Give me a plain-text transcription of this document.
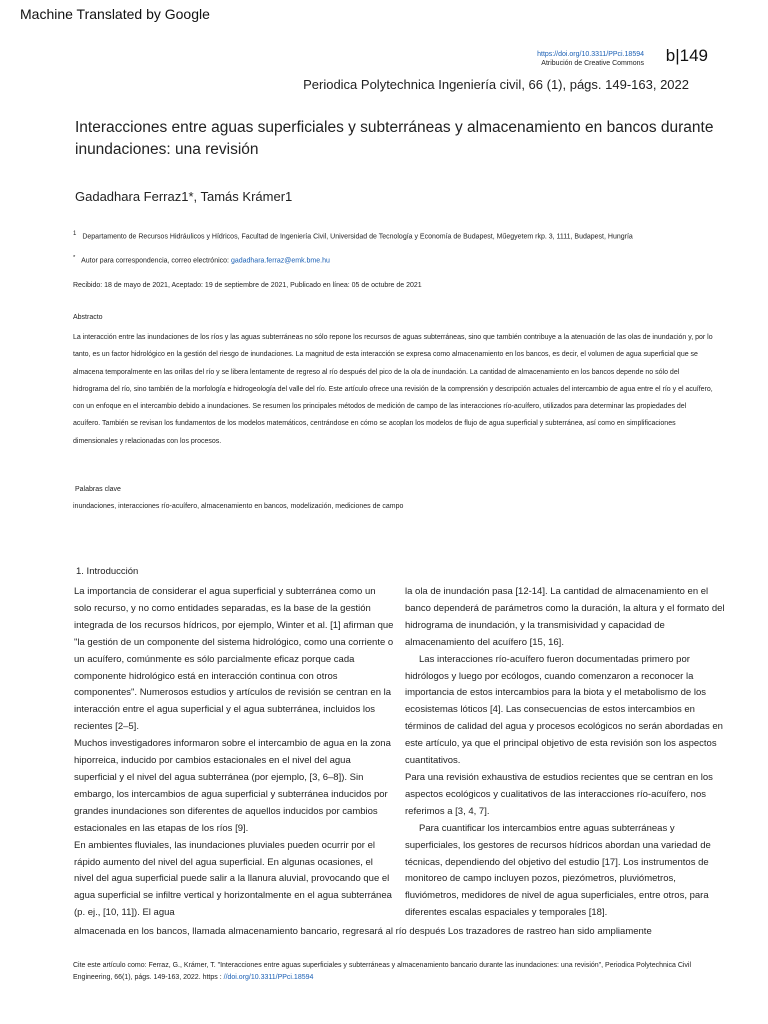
Machine Translated by Google
https://doi.org/10.3311/PPci.18594
Atribución de Creative Commons b|149
Periodica Polytechnica Ingeniería civil, 66 (1), págs. 149-163, 2022
Interacciones entre aguas superficiales y subterráneas y almacenamiento en bancos durante inundaciones: una revisión
Gadadhara Ferraz1*, Tamás Krámer1
$^1$ Departamento de Recursos Hidráulicos y Hídricos, Facultad de Ingeniería Civil, Universidad de Tecnología y Economía de Budapest, Műegyetem rkp. 3, 1111, Budapest, Hungría
* Autor para correspondencia, correo electrónico: gadadhara.ferraz@emk.bme.hu
Recibido: 18 de mayo de 2021, Aceptado: 19 de septiembre de 2021, Publicado en línea: 05 de octubre de 2021
Abstracto
La interacción entre las inundaciones de los ríos y las aguas subterráneas no sólo repone los recursos de aguas subterráneas, sino que también contribuye a la atenuación de las olas de inundación y, por lo tanto, es un factor hidrológico en la gestión del riesgo de inundaciones. La magnitud de esta interacción se expresa como almacenamiento en los bancos, es decir, el volumen de agua superficial que se almacena temporalmente en las orillas del río y se libera lentamente de regreso al río después del pico de la ola de inundación. La cantidad de almacenamiento en los bancos depende no sólo del hidrograma del río, sino también de la morfología e hidrogeología del valle del río. Este artículo ofrece una revisión de la comprensión y descripción actuales del intercambio de agua entre el río y el acuífero, con un enfoque en el intercambio debido a inundaciones. Se resumen los principales métodos de medición de campo de las interacciones río-acuífero, utilizados para determinar las propiedades del acuífero. También se revisan los fundamentos de los modelos matemáticos, centrándose en cómo se acoplan los modelos de flujo de agua superficial y subterránea, así como en simplificaciones dimensionales y relacionadas con los procesos.
Palabras clave
inundaciones, interacciones río-acuífero, almacenamiento en bancos, modelización, mediciones de campo
1. Introducción

La importancia de considerar el agua superficial y subterránea como un solo recurso, y no como entidades separadas, es la base de la gestión integrada de los recursos hídricos, por ejemplo, Winter et al. [1] afirman que "la gestión de un componente del sistema hidrológico, como una corriente o un acuífero, comúnmente es sólo parcialmente eficaz porque cada componente hidrológico está en interacción continua con otros componentes". Numerosos estudios y artículos de revisión se centran en la interacción entre el agua superficial y el agua subterránea, incluidos los recientes [2–5].

Muchos investigadores informaron sobre el intercambio de agua en la zona hiporreica, inducido por cambios estacionales en el nivel del agua superficial y el nivel del agua subterránea (por ejemplo, [3, 6–8]). Sin embargo, los intercambios de agua superficial y subterránea inducidos por grandes inundaciones son diferentes de aquellos inducidos por cambios estacionales en las etapas de los ríos [9].

En ambientes fluviales, las inundaciones pluviales pueden ocurrir por el rápido aumento del nivel del agua superficial. En algunas ocasiones, el nivel del agua superficial puede salir a la llanura aluvial, provocando que el agua superficial se infiltre vertical y horizontalmente en el agua subterránea (p. ej., [10, 11]). El agua

la ola de inundación pasa [12-14]. La cantidad de almacenamiento en el banco dependerá de parámetros como la duración, la altura y el formato del hidrograma de inundación, y la transmisividad y capacidad de almacenamiento del acuífero [15, 16].

Las interacciones río-acuífero fueron documentadas primero por hidrólogos y luego por ecólogos, cuando comenzaron a reconocer la importancia de estos intercambios para la biota y el metabolismo de los ecosistemas lóticos [4]. Las consecuencias de estos intercambios en términos de calidad del agua y procesos ecológicos no serán abordadas en este artículo, ya que el principal objetivo de esta revisión son los aspectos cuantitativos.

Para una revisión exhaustiva de estudios recientes que se centran en los aspectos ecológicos y cualitativos de las interacciones río-acuífero, nos referimos a [3, 4, 7].

Para cuantificar los intercambios entre aguas subterráneas y superficiales, los gestores de recursos hídricos abordan una variedad de técnicas, dependiendo del objetivo del estudio [17]. Los instrumentos de monitoreo de campo incluyen pozos, piezómetros, pluviómetros, fluviómetros, medidores de nivel de agua superficiales, entre otros, para diferentes escalas espaciales y temporales [18].

almacenada en los bancos, llamada almacenamiento bancario, regresará al río después Los trazadores de rastreo han sido ampliamente
Cite este artículo como: Ferraz, G., Krámer, T. "Interacciones entre aguas superficiales y subterráneas y almacenamiento bancario durante las inundaciones: una revisión", Periodica Polytechnica Civil Engineering, 66(1), págs. 149-163, 2022. https : //doi.org/10.3311/PPci.18594
